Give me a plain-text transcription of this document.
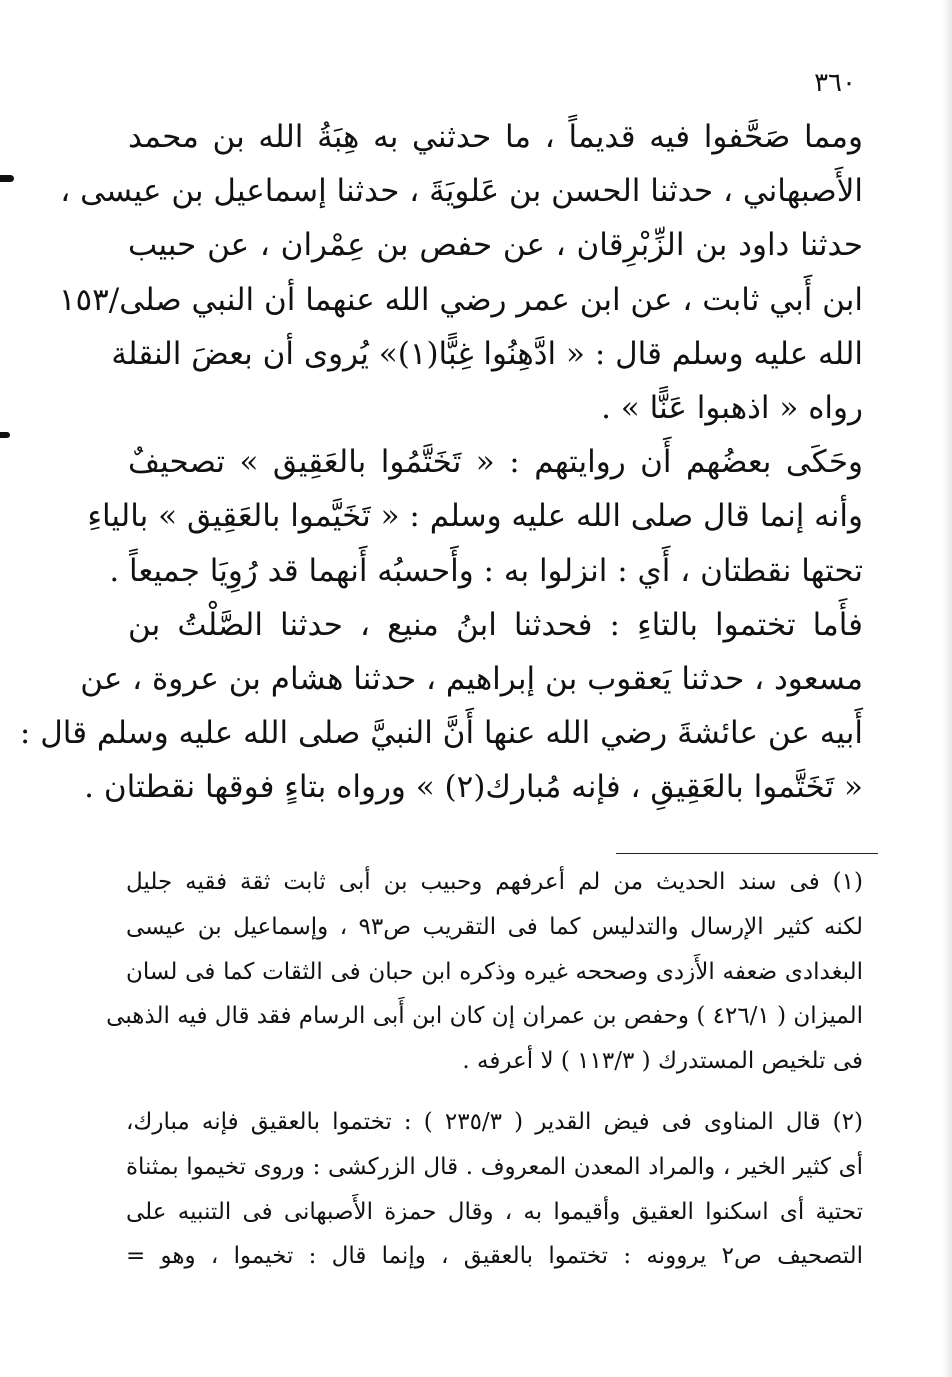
٣٦٠
ومما صَحَّفوا فيه قديماً ، ما حدثني به هِبَةُ الله بن محمد
الأَصبهاني ، حدثنا الحسن بن عَلويَةَ ، حدثنا إسماعيل بن عيسى ،
حدثنا داود بن الزِّبْرِقان ، عن حفص بن عِمْران ، عن حبيب
ابن أَبي ثابت ، عن ابن عمر رضي الله عنهما أن النبي صلى/١٥٣
الله عليه وسلم قال : « ادَّهِنُوا غِبًّا(١)» يُروى أن بعضَ النقلة
رواه « اذهبوا عَنًّا » .
وحَكَى بعضُهم أَن روايتهم : « تَخَتَّمُوا بالعَقِيق » تصحيفٌ
وأنه إنما قال صلى الله عليه وسلم : « تَخَيَّموا بالعَقِيق » بالياءِ
تحتها نقطتان ، أَي : انزلوا به : وأَحسبُه أَنهما قد رُوِيَا جميعاً .
فأَما تختموا بالتاءِ : فحدثنا ابنُ منيع ، حدثنا الصَّلْتُ بن
مسعود ، حدثنا يَعقوب بن إبراهيم ، حدثنا هشام بن عروة ، عن
أَبيه عن عائشةَ رضي الله عنها أَنَّ النبيَّ صلى الله عليه وسلم قال :
« تَخَتَّموا بالعَقِيقِ ، فإنه مُبارك(٢) » ورواه بتاءٍ فوقها نقطتان .
(١) فى سند الحديث من لم أعرفهم وحبيب بن أبى ثابت ثقة فقيه جليل
لكنه كثير الإرسال والتدليس كما فى التقريب ص٩٣ ، وإسماعيل بن عيسى
البغدادى ضعفه الأَزدى وصححه غيره وذكره ابن حبان فى الثقات كما فى لسان
الميزان ( ٤٢٦/١ ) وحفص بن عمران إن كان ابن أَبى الرسام فقد قال فيه الذهبى
فى تلخيص المستدرك ( ١١٣/٣ ) لا أعرفه .
(٢) قال المناوى فى فيض القدير ( ٢٣٥/٣ ) : تختموا بالعقيق فإنه مبارك،
أى كثير الخير ، والمراد المعدن المعروف . قال الزركشى : وروى تخيموا بمثناة
تحتية أى اسكنوا العقيق وأقيموا به ، وقال حمزة الأَصبهانى فى التنبيه على
التصحيف ص٢ يروونه : تختموا بالعقيق ، وإنما قال : تخيموا ، وهو =
